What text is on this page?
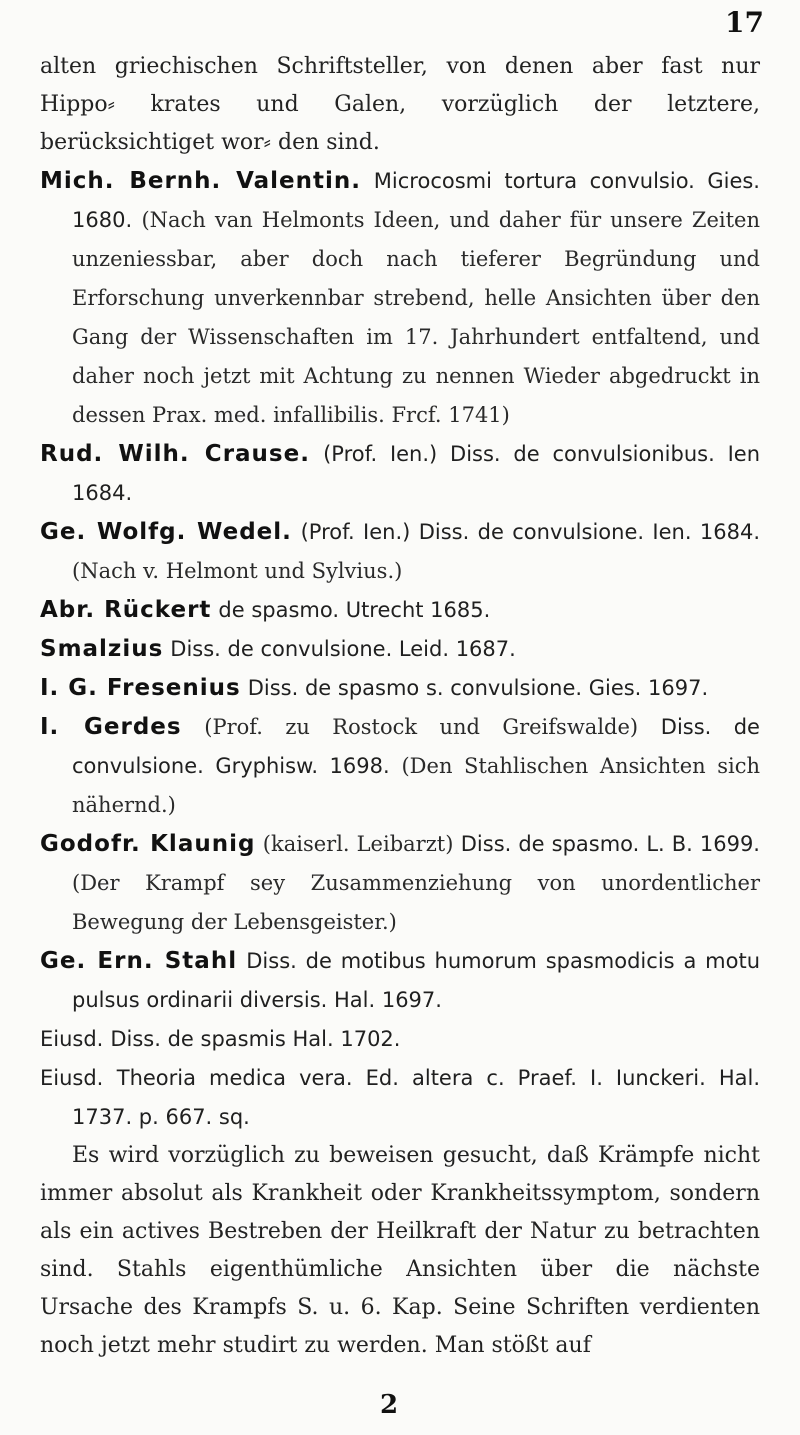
17

alten griechischen Schriftsteller, von denen aber fast nur Hippo⸗ krates und Galen, vorzüglich der letztere, berücksichtiget wor⸗ den sind.

Mich. Bernh. Valentin. Microcosmi tortura convulsio. Gies. 1680. (Nach van Helmonts Ideen, und daher für unsere Zeiten unzeniessbar, aber doch nach tieferer Begründung und Erforschung unverkennbar strebend, helle Ansichten über den Gang der Wissenschaften im 17. Jahrhundert entfaltend, und daher noch jetzt mit Achtung zu nennen Wieder abgedruckt in dessen Prax. med. infallibilis. Frcf. 1741)

Rud. Wilh. Crause. (Prof. Ien.) Diss. de convulsionibus. Ien 1684.

Ge. Wolfg. Wedel. (Prof. Ien.) Diss. de convulsione. Ien. 1684. (Nach v. Helmont und Sylvius.)

Abr. Rückert de spasmo. Utrecht 1685.

Smalzius Diss. de convulsione. Leid. 1687.

I. G. Fresenius Diss. de spasmo s. convulsione. Gies. 1697.

I. Gerdes (Prof. zu Rostock und Greifswalde) Diss. de convulsione. Gryphisw. 1698. (Den Stahlischen Ansichten sich nähernd.)

Godofr. Klaunig (kaiserl. Leibarzt) Diss. de spasmo. L. B. 1699. (Der Krampf sey Zusammenziehung von unordentlicher Bewegung der Lebensgeister.)

Ge. Ern. Stahl Diss. de motibus humorum spasmodicis a motu pulsus ordinarii diversis. Hal. 1697.

Eiusd. Diss. de spasmis Hal. 1702.

Eiusd. Theoria medica vera. Ed. altera c. Praef. I. Iunckeri. Hal. 1737. p. 667. sq.

Es wird vorzüglich zu beweisen gesucht, daß Krämpfe nicht immer absolut als Krankheit oder Krankheitssymptom, sondern als ein actives Bestreben der Heilkraft der Natur zu betrachten sind. Stahls eigenthümliche Ansichten über die nächste Ursache des Krampfs S. u. 6. Kap. Seine Schriften verdienten noch jetzt mehr studirt zu werden. Man stößt auf

2
